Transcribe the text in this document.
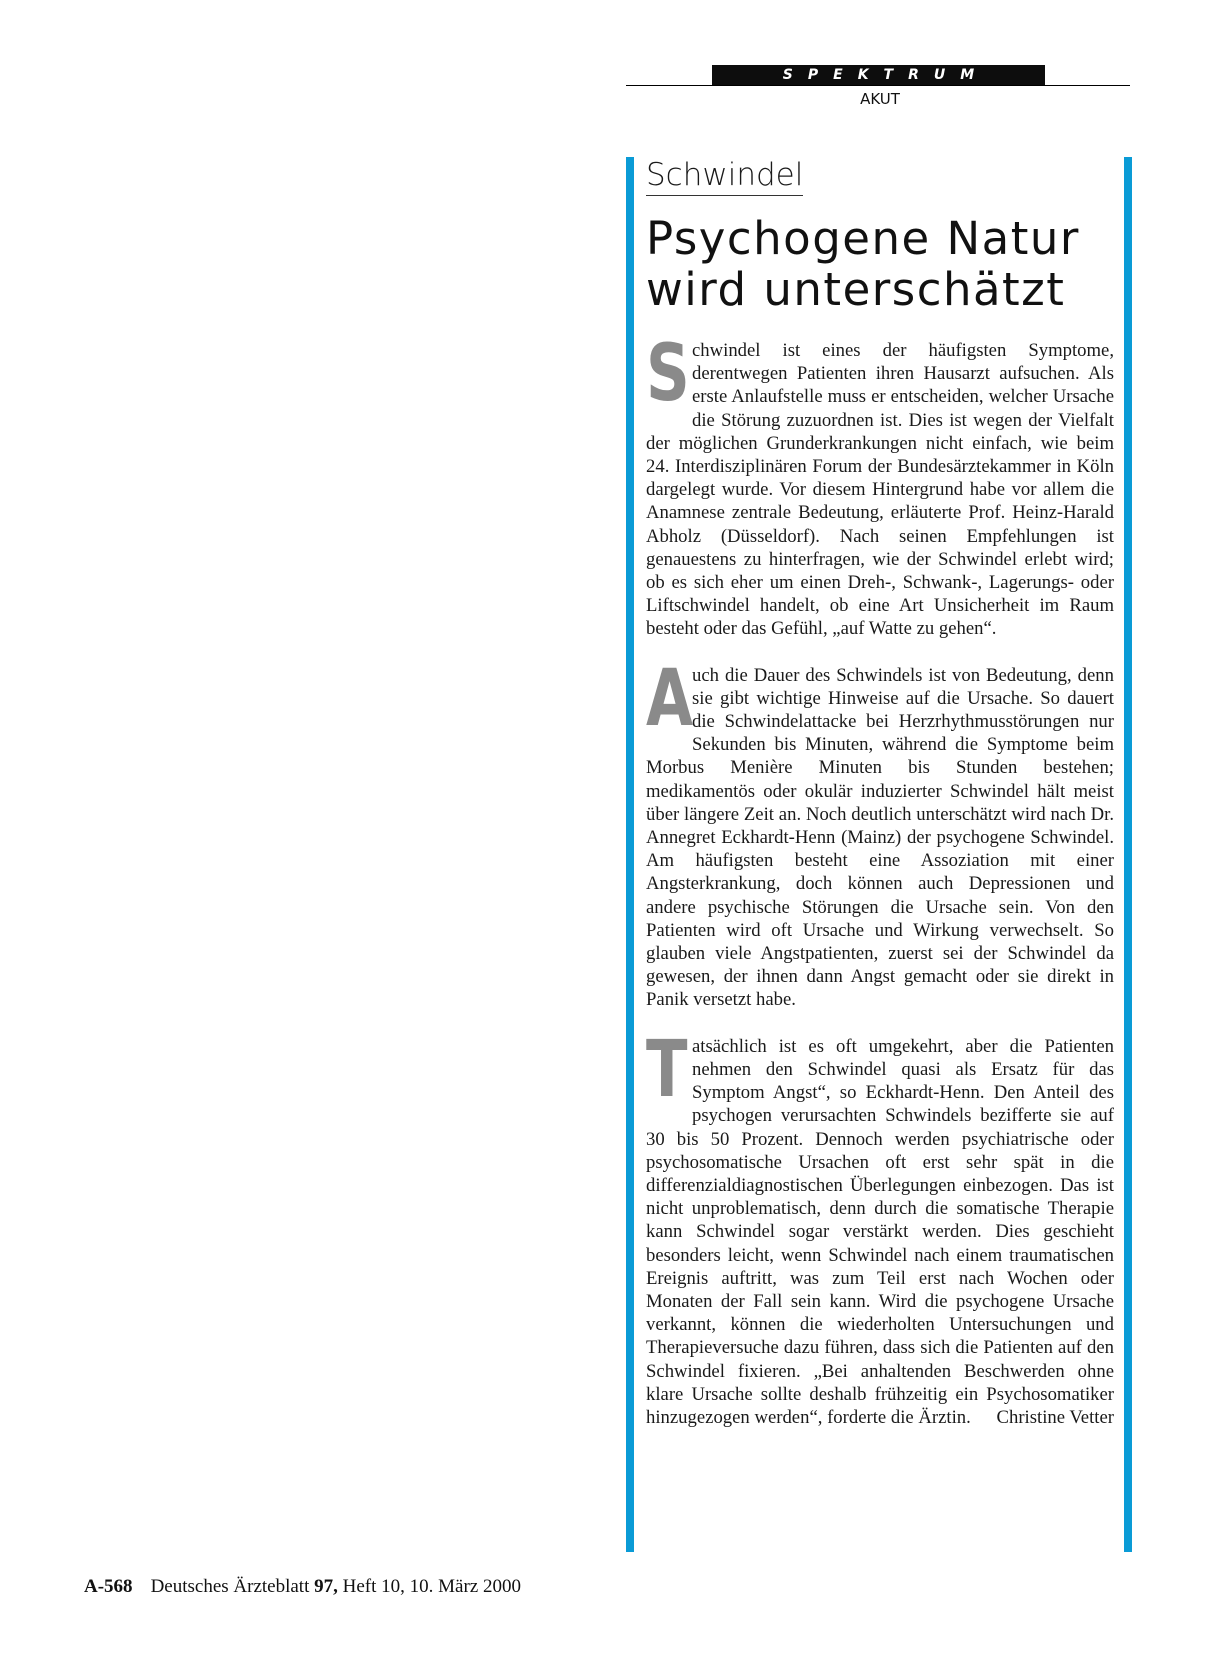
SPEKTRUM
AKUT
Schwindel
Psychogene Natur wird unterschätzt

Schwindel ist eines der häufigsten Symptome, derentwegen Patienten ihren Hausarzt aufsuchen. Als erste Anlaufstelle muss er entscheiden, welcher Ursache die Störung zuzuordnen ist. Dies ist wegen der Vielfalt der möglichen Grunderkrankungen nicht einfach, wie beim 24. Interdisziplinären Forum der Bundesärztekammer in Köln dargelegt wurde. Vor diesem Hintergrund habe vor allem die Anamnese zentrale Bedeutung, erläuterte Prof. Heinz-Harald Abholz (Düsseldorf). Nach seinen Empfehlungen ist genauestens zu hinterfragen, wie der Schwindel erlebt wird; ob es sich eher um einen Dreh-, Schwank-, Lagerungs- oder Liftschwindel handelt, ob eine Art Unsicherheit im Raum besteht oder das Gefühl, „auf Watte zu gehen“.

A
uch die Dauer des Schwindels ist von Bedeutung, denn sie gibt wichtige Hinweise auf die Ursache. So dauert die Schwindelattacke bei Herzrhythmusstörungen nur Sekunden bis Minuten, während die Symptome beim Morbus Menière Minuten bis Stunden bestehen; medikamentös oder okulär induzierter Schwindel hält meist über längere Zeit an. Noch deutlich unterschätzt wird nach Dr. Annegret Eckhardt-Henn (Mainz) der psychogene Schwindel. Am häufigsten besteht eine Assoziation mit einer Angsterkrankung, doch können auch Depressionen und andere psychische Störungen die Ursache sein. Von den Patienten wird oft Ursache und Wirkung verwechselt. So glauben viele Angstpatienten, zuerst sei der Schwindel da gewesen, der ihnen dann Angst gemacht oder sie direkt in Panik versetzt habe.

Tatsächlich ist es oft umgekehrt, aber die Patienten nehmen den Schwindel quasi als Ersatz für das Symptom Angst“, so Eckhardt-Henn. Den Anteil des psychogen verursachten Schwindels bezifferte sie auf 30 bis 50 Prozent. Dennoch werden psychiatrische oder psychosomatische Ursachen oft erst sehr spät in die differenzialdiagnostischen Überlegungen einbezogen. Das ist nicht unproblematisch, denn durch die somatische Therapie kann Schwindel sogar verstärkt werden. Dies geschieht besonders leicht, wenn Schwindel nach einem traumatischen Ereignis auftritt, was zum Teil erst nach Wochen oder Monaten der Fall sein kann. Wird die psychogene Ursache verkannt, können die wiederholten Untersuchungen und Therapieversuche dazu führen, dass sich die Patienten auf den Schwindel fixieren. „Bei anhaltenden Beschwerden ohne klare Ursache sollte deshalb frühzeitig ein Psychosomatiker hinzugezogen werden“, forderte die Ärztin. Christine Vetter

A-568 Deutsches Ärzteblatt 97, Heft 10, 10. März 2000
